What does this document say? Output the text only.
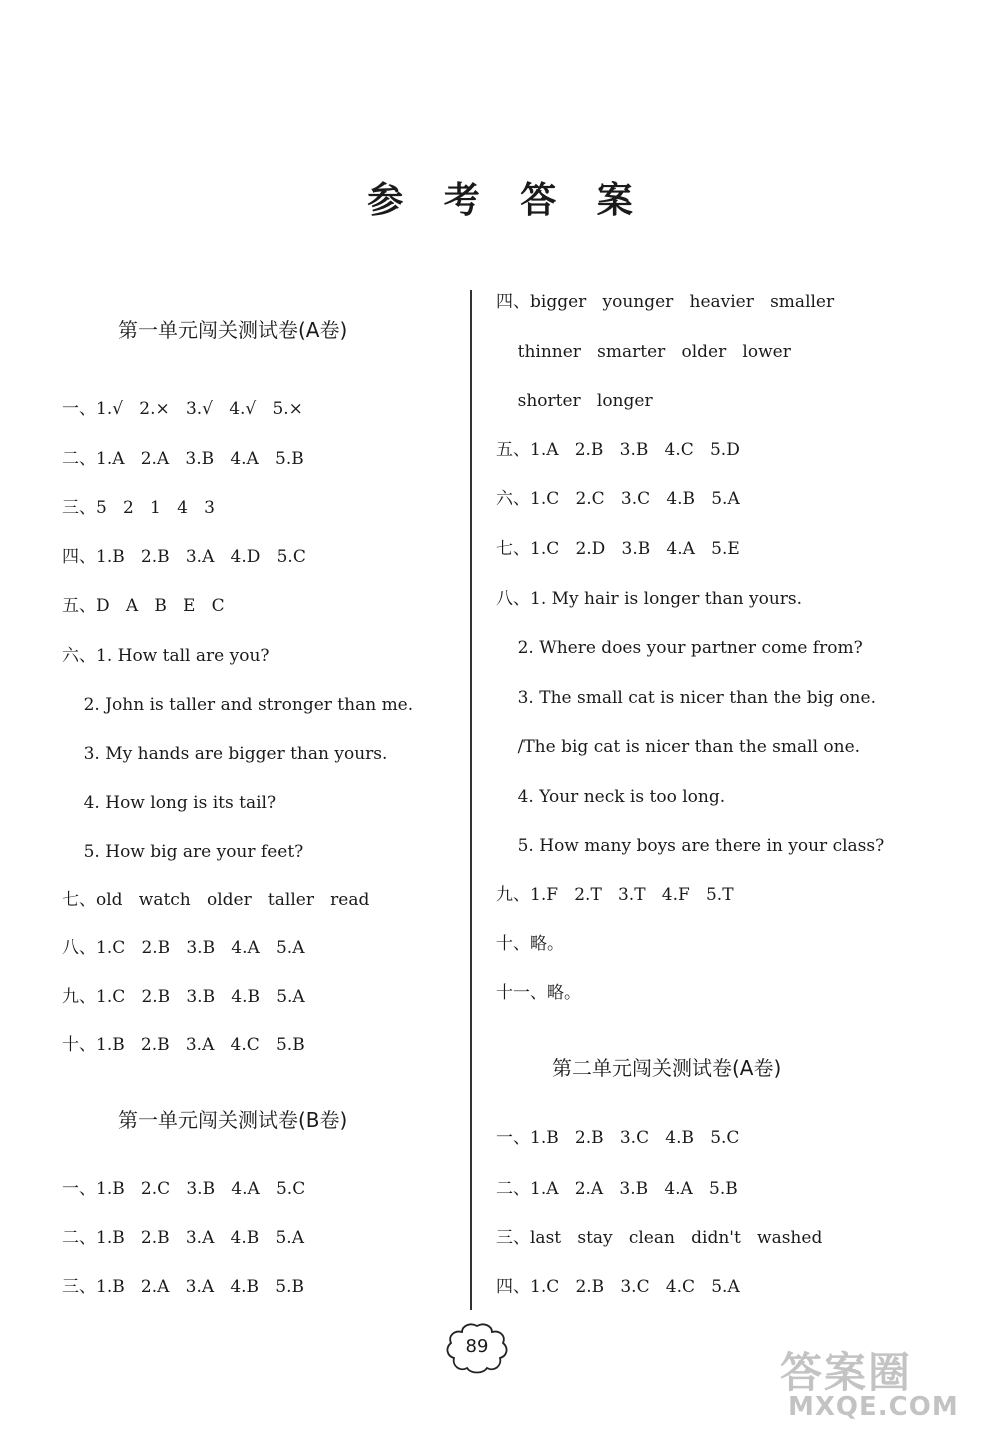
参 考 答 案
第一单元闯关测试卷(A卷)
一、1.√   2.×   3.√   4.√   5.×
二、1.A   2.A   3.B   4.A   5.B
三、5   2   1   4   3
四、1.B   2.B   3.A   4.D   5.C
五、D   A   B   E   C
六、1. How tall are you?
2. John is taller and stronger than me.
3. My hands are bigger than yours.
4. How long is its tail?
5. How big are your feet?
七、old   watch   older   taller   read
八、1.C   2.B   3.B   4.A   5.A
九、1.C   2.B   3.B   4.B   5.A
十、1.B   2.B   3.A   4.C   5.B
第一单元闯关测试卷(B卷)
一、1.B   2.C   3.B   4.A   5.C
二、1.B   2.B   3.A   4.B   5.A
三、1.B   2.A   3.A   4.B   5.B
四、bigger   younger   heavier   smaller
thinner   smarter   older   lower
shorter   longer
五、1.A   2.B   3.B   4.C   5.D
六、1.C   2.C   3.C   4.B   5.A
七、1.C   2.D   3.B   4.A   5.E
八、1. My hair is longer than yours.
2. Where does your partner come from?
3. The small cat is nicer than the big one.
/The big cat is nicer than the small one.
4. Your neck is too long.
5. How many boys are there in your class?
九、1.F   2.T   3.T   4.F   5.T
十、略。
十一、略。
第二单元闯关测试卷(A卷)
一、1.B   2.B   3.C   4.B   5.C
二、1.A   2.A   3.B   4.A   5.B
三、last   stay   clean   didn't   washed
四、1.C   2.B   3.C   4.C   5.A
89
答案圈
MXQE.COM
